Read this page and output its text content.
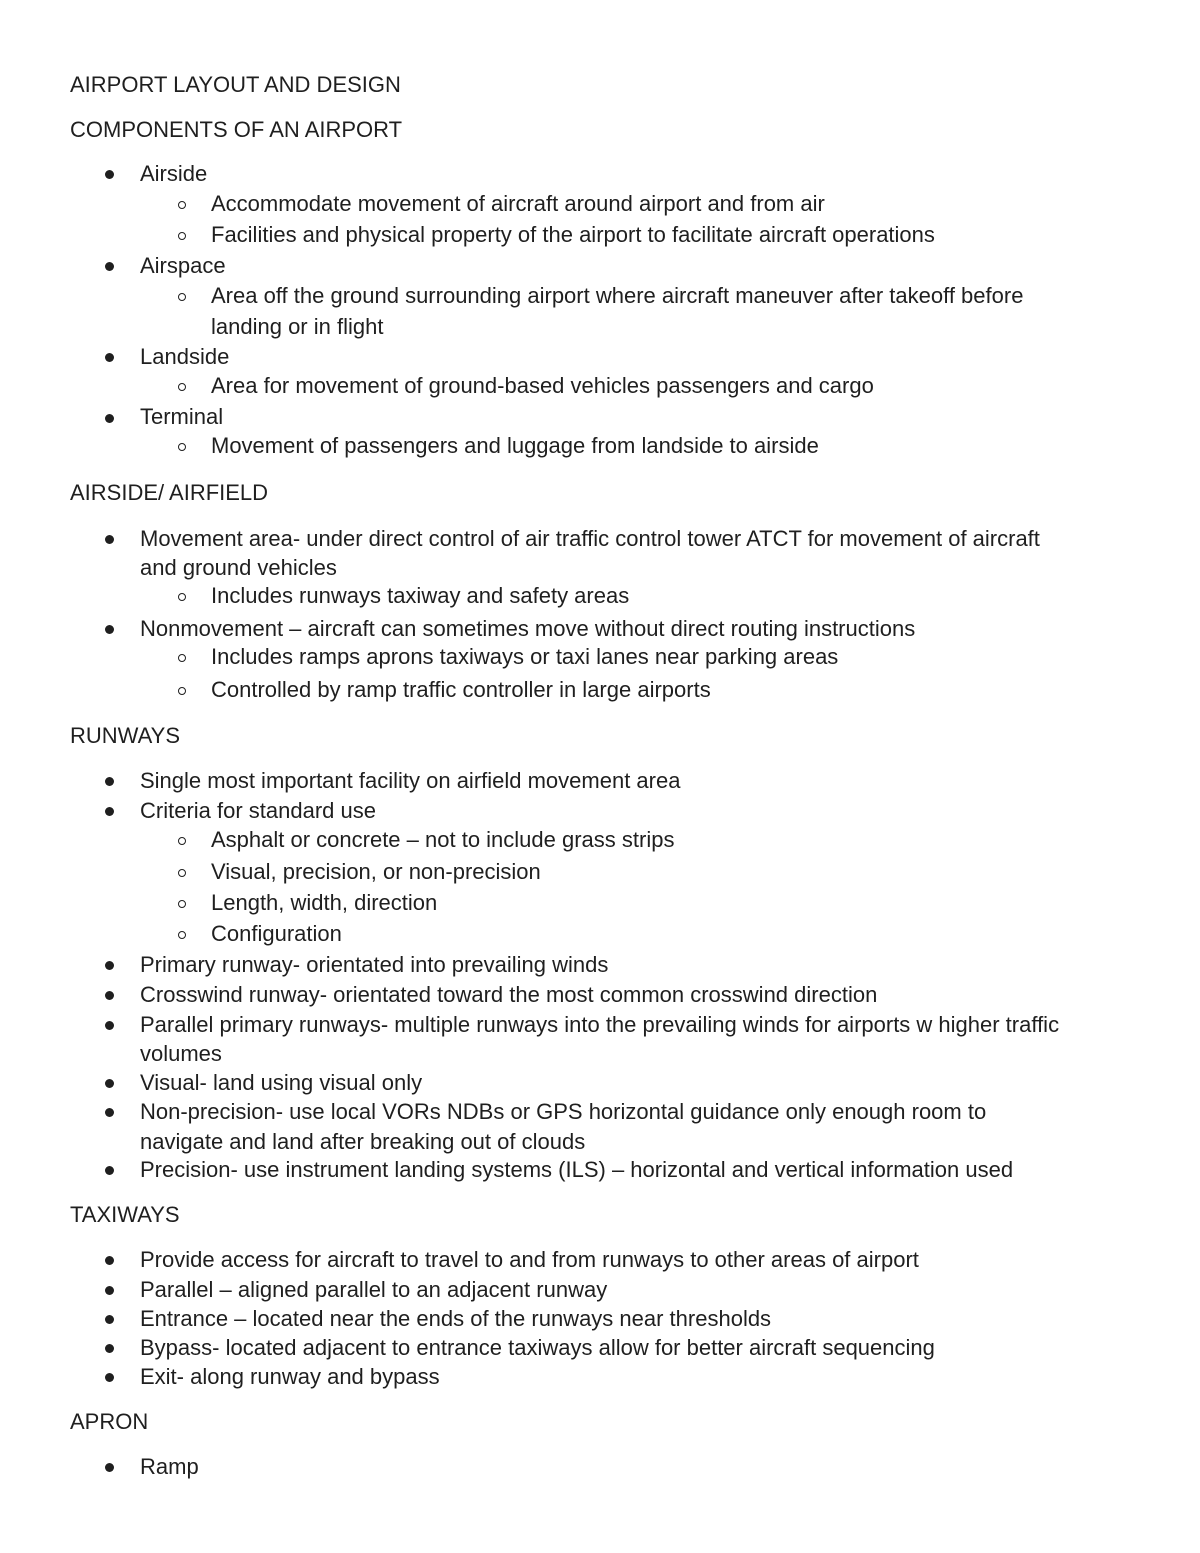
AIRPORT LAYOUT AND DESIGN
COMPONENTS OF AN AIRPORT
Airside
Accommodate movement of aircraft around airport and from air
Facilities and physical property of the airport to facilitate aircraft operations
Airspace
Area off the ground surrounding airport where aircraft maneuver after takeoff before
landing or in flight
Landside
Area for movement of ground-based vehicles passengers and cargo
Terminal
Movement of passengers and luggage from landside to airside
AIRSIDE/ AIRFIELD
Movement area- under direct control of air traffic control tower ATCT for movement of aircraft
and ground vehicles
Includes runways taxiway and safety areas
Nonmovement – aircraft can sometimes move without direct routing instructions
Includes ramps aprons taxiways or taxi lanes near parking areas
Controlled by ramp traffic controller in large airports
RUNWAYS
Single most important facility on airfield movement area
Criteria for standard use
Asphalt or concrete – not to include grass strips
Visual, precision, or non-precision
Length, width, direction
Configuration
Primary runway- orientated into prevailing winds
Crosswind runway- orientated toward the most common crosswind direction
Parallel primary runways- multiple runways into the prevailing winds for airports w higher traffic
volumes
Visual- land using visual only
Non-precision- use local VORs NDBs or GPS horizontal guidance only enough room to
navigate and land after breaking out of clouds
Precision- use instrument landing systems (ILS) – horizontal and vertical information used
TAXIWAYS
Provide access for aircraft to travel to and from runways to other areas of airport
Parallel – aligned parallel to an adjacent runway
Entrance – located near the ends of the runways near thresholds
Bypass- located adjacent to entrance taxiways allow for better aircraft sequencing
Exit- along runway and bypass
APRON
Ramp
